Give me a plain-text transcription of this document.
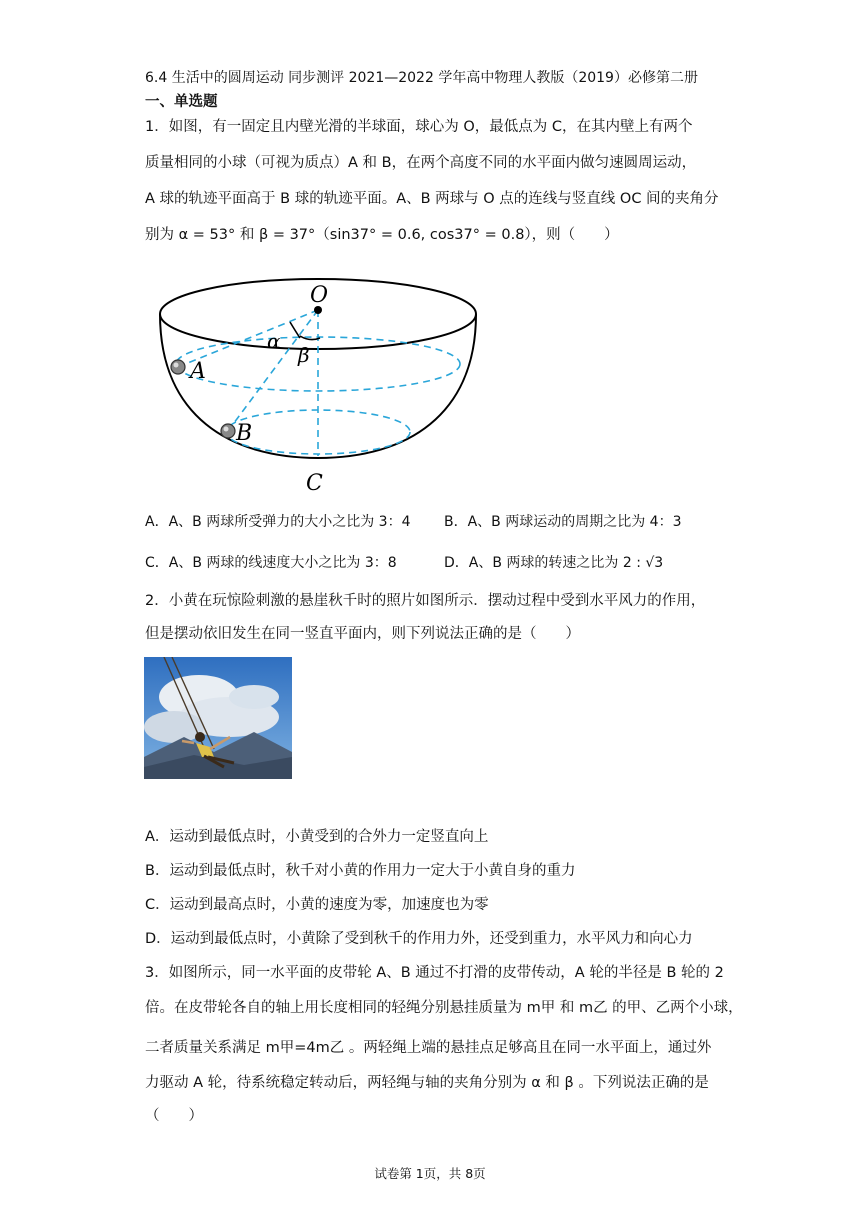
6.4 生活中的圆周运动 同步测评 2021—2022 学年高中物理人教版（2019）必修第二册
一、单选题
1．如图，有一固定且内壁光滑的半球面，球心为 O，最低点为 C，在其内壁上有两个
质量相同的小球（可视为质点）A 和 B，在两个高度不同的水平面内做匀速圆周运动，
A 球的轨迹平面高于 B 球的轨迹平面。A、B 两球与 O 点的连线与竖直线 OC 间的夹角分
别为 α = 53° 和 β = 37°（sin37° = 0.6, cos37° = 0.8），则（　　）
O
α
β
A
B
C
A．A、B 两球所受弹力的大小之比为 3：4 B．A、B 两球运动的周期之比为 4：3
C．A、B 两球的线速度大小之比为 3：8	D．A、B 两球的转速之比为 2 : √3
2．小黄在玩惊险刺激的悬崖秋千时的照片如图所示．摆动过程中受到水平风力的作用，
但是摆动依旧发生在同一竖直平面内，则下列说法正确的是（　　）
A．运动到最低点时，小黄受到的合外力一定竖直向上
B．运动到最低点时，秋千对小黄的作用力一定大于小黄自身的重力
C．运动到最高点时，小黄的速度为零，加速度也为零
D．运动到最低点时，小黄除了受到秋千的作用力外，还受到重力，水平风力和向心力
3．如图所示，同一水平面的皮带轮 A、B 通过不打滑的皮带传动，A 轮的半径是 B 轮的 2
倍。在皮带轮各自的轴上用长度相同的轻绳分别悬挂质量为 m甲 和 m乙 的甲、乙两个小球，
二者质量关系满足 m甲=4m乙 。两轻绳上端的悬挂点足够高且在同一水平面上，通过外
力驱动 A 轮，待系统稳定转动后，两轻绳与轴的夹角分别为 α 和 β 。下列说法正确的是
（　　）
试卷第 1页，共 8页
